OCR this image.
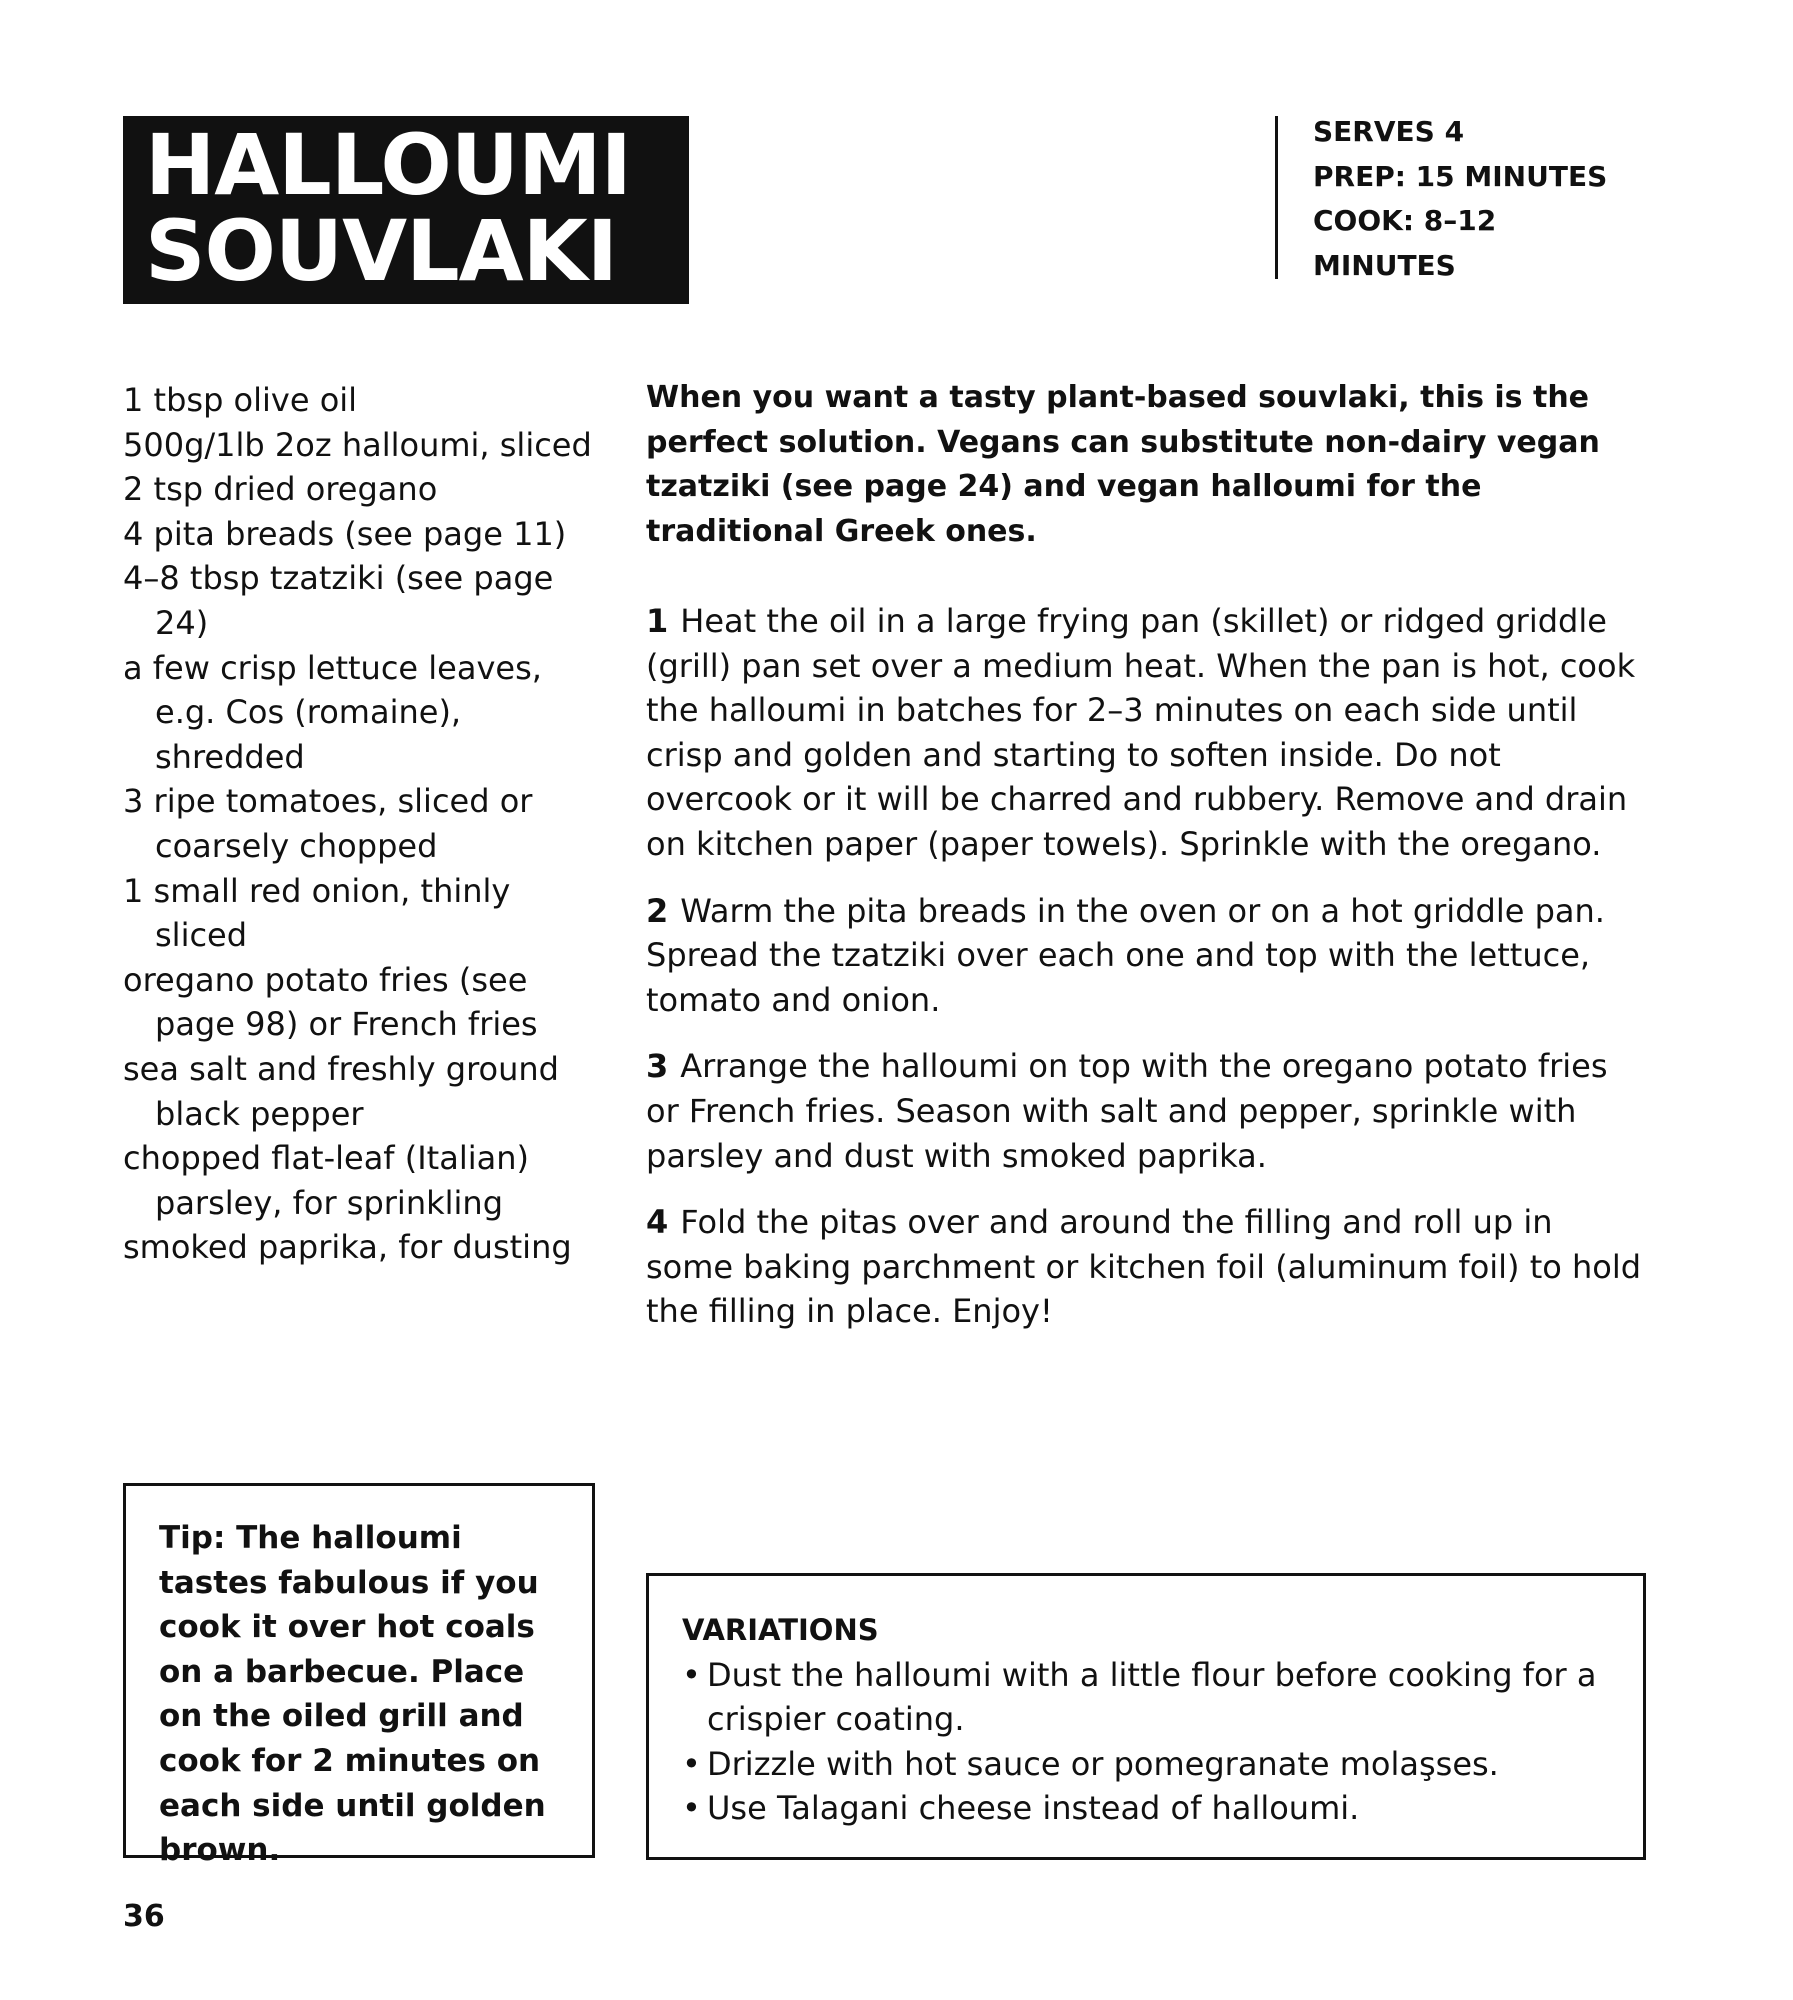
HALLOUMI
SOUVLAKI
SERVES 4
PREP: 15 MINUTES
COOK: 8–12
MINUTES
1 tbsp olive oil
500g/1lb 2oz halloumi, sliced
2 tsp dried oregano
4 pita breads (see page 11)
4–8 tbsp tzatziki (see page 24)
a few crisp lettuce leaves, e.g. Cos (romaine), shredded
3 ripe tomatoes, sliced or coarsely chopped
1 small red onion, thinly sliced
oregano potato fries (see page 98) or French fries
sea salt and freshly ground black pepper
chopped flat-leaf (Italian) parsley, for sprinkling
smoked paprika, for dusting

When you want a tasty plant-based souvlaki, this is the perfect solution. Vegans can substitute non-dairy vegan tzatziki (see page 24) and vegan halloumi for the traditional Greek ones.

1 Heat the oil in a large frying pan (skillet) or ridged griddle (grill) pan set over a medium heat. When the pan is hot, cook the halloumi in batches for 2–3 minutes on each side until crisp and golden and starting to soften inside. Do not overcook or it will be charred and rubbery. Remove and drain on kitchen paper (paper towels). Sprinkle with the oregano.

2 Warm the pita breads in the oven or on a hot griddle pan. Spread the tzatziki over each one and top with the lettuce, tomato and onion.

3 Arrange the halloumi on top with the oregano potato fries or French fries. Season with salt and pepper, sprinkle with parsley and dust with smoked paprika.

4 Fold the pitas over and around the filling and roll up in some baking parchment or kitchen foil (aluminum foil) to hold the filling in place. Enjoy!

Tip: The halloumi tastes fabulous if you cook it over hot coals on a barbecue. Place on the oiled grill and cook for 2 minutes on each side until golden brown.

VARIATIONS

• Dust the halloumi with a little flour before cooking for a crispier coating.
• Drizzle with hot sauce or pomegranate molaşses.
• Use Talagani cheese instead of halloumi.
36
